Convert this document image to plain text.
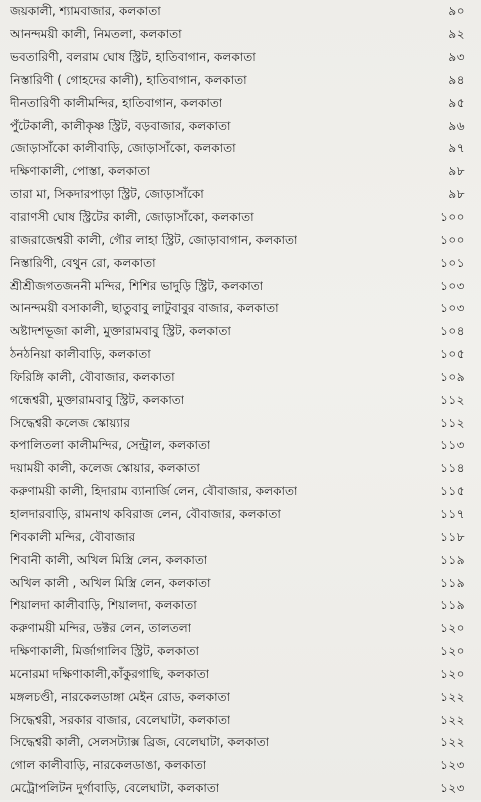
জয়কালী, শ্যামবাজার, কলকাতা	৯০
আনন্দময়ী কালী, নিমতলা, কলকাতা	৯২
ভবতারিণী, বলরাম ঘোষ স্ট্রিট, হাতিবাগান, কলকাতা	৯৩
নিস্তারিণী ( গোহদের কালী), হাতিবাগান, কলকাতা	৯৪
দীনতারিণী কালীমন্দির, হাতিবাগান, কলকাতা	৯৫
পুঁটেকালী, কালীকৃষ্ণ স্ট্রিট, বড়বাজার, কলকাতা	৯৬
জোড়াসাঁকো কালীবাড়ি, জোড়াসাঁকো, কলকাতা	৯৭
দক্ষিণাকালী, পোস্তা, কলকাতা	৯৮
তারা মা, সিকদারপাড়া স্ট্রিট, জোড়াসাঁকো	৯৮
বারাণসী ঘোষ স্ট্রিটের কালী, জোড়াসাঁকো, কলকাতা	১০০
রাজরাজেশ্বরী কালী, গৌর লাহা স্ট্রিট, জোড়াবাগান, কলকাতা	১০০
নিস্তারিণী, বেথুন রো, কলকাতা	১০১
শ্রীশ্রীজগতজননী মন্দির, শিশির ভাদুড়ি স্ট্রিট, কলকাতা	১০৩
আনন্দময়ী বসাকালী, ছাতুবাবু লাটুবাবুর বাজার, কলকাতা	১০৩
অষ্টাদশভূজা কালী, মুক্তারামবাবু স্ট্রিট, কলকাতা	১০৪
ঠনঠনিয়া কালীবাড়ি, কলকাতা	১০৫
ফিরিঙ্গি কালী, বৌবাজার, কলকাতা	১০৯
গন্ধেশ্বরী, মুক্তারামবাবু স্ট্রিট, কলকাতা	১১২
সিদ্ধেশ্বরী কলেজ স্কোয়্যার	১১২
কপালিতলা কালীমন্দির, সেন্ট্রাল, কলকাতা	১১৩
দয়াময়ী কালী, কলেজ স্কোয়ার, কলকাতা	১১৪
করুণাময়ী কালী, হিদারাম ব্যানার্জি লেন, বৌবাজার, কলকাতা	১১৫
হালদারবাড়ি, রামনাথ কবিরাজ লেন, বৌবাজার, কলকাতা	১১৭
শিবকালী মন্দির, বৌবাজার	১১৮
শিবানী কালী, অখিল মিস্ত্রি লেন, কলকাতা	১১৯
অখিল কালী , অখিল মিস্ত্রি লেন, কলকাতা	১১৯
শিয়ালদা কালীবাড়ি, শিয়ালদা, কলকাতা	১১৯
করুণাময়ী মন্দির, ডক্টর লেন, তালতলা	১২০
দক্ষিণাকালী, মির্জাগালিব স্ট্রিট, কলকাতা	১২০
মনোরমা দক্ষিণাকালী,কাঁকুরগাছি, কলকাতা	১২০
মঙ্গলচণ্ডী, নারকেলডাঙ্গা মেইন রোড, কলকাতা	১২২
সিদ্ধেশ্বরী, সরকার বাজার, বেলেঘাটা, কলকাতা	১২২
সিদ্ধেশ্বরী কালী, সেলসট্যাক্স ব্রিজ, বেলেঘাটা, কলকাতা	১২২
গোল কালীবাড়ি, নারকেলডাঙা, কলকাতা	১২৩
মেট্রোপলিটন দুর্গাবাড়ি, বেলেঘাটা, কলকাতা	১২৩
